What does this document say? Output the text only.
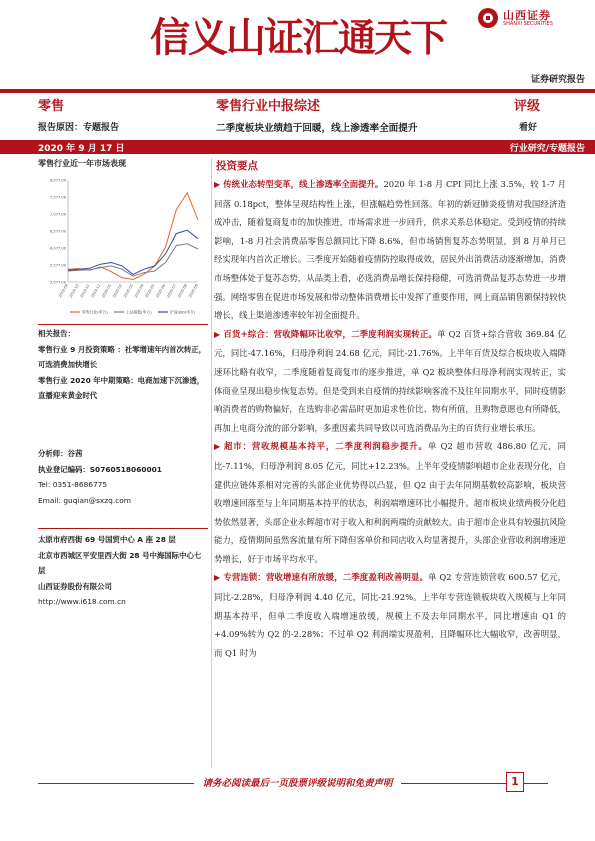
信义山证汇通天下	山西证券
SHANXI SECURITIES
证券研究报告
零售
报告原因：专题报告
零售行业中报综述
二季度板块业绩趋于回暖，线上渗透率全面提升
评级
看好
2020 年 9 月 17 日	行业研究/专题报告
零售行业近一年市场表现
5,077.00
5,577.00
6,077.00
6,577.00
7,077.00
7,577.00
8,077.00
2019-09 2019-10 2019-11 2019-12 2020-01 2020-02 2020-03 2020-04 2020-05 2020-06 2020-07 2020-08 2020-09
零售行业(申万)	上证指数(申万)	沪深300(申万)

相关报告：

零售行业 9 月投资策略 ：社零增速年内首次转正，可选消费加快增长

零售行业 2020 年中期策略：电商加速下沉渗透，直播迎来黄金时代

分析师：谷茜

执业登记编码：S0760518060001

Tel: 0351-8686775

Email: guqian@sxzq.com

太原市府西街 69 号国贸中心 A 座 28 层

北京市西城区平安里西大街 28 号中海国际中心七层

山西证券股份有限公司

http://www.i618.com.cn

投资要点

▶ 传统业态转型变革，线上渗透率全面提升。2020 年 1-8 月 CPI 同比上涨 3.5%，较 1-7 月回落 0.18pct，整体呈现结构性上涨，但涨幅趋势性回落。年初的新冠肺炎疫情对我国经济造成冲击，随着复商复市的加快推进，市场需求进一步回升，供求关系总体稳定。受到疫情的持续影响，1-8 月社会消费品零售总额同比下降 8.6%，但市场销售复苏态势明显，到 8 月单月已经实现年内首次正增长。三季度开始随着疫情防控取得成效，居民外出消费活动逐渐增加，消费市场整体处于复苏态势，从品类上看，必选消费品增长保持稳健，可选消费品复苏态势进一步增强。网络零售在促进市场发展和带动整体消费增长中发挥了重要作用，网上商品销售额保持较快增长，线上渠道渗透率较年初全面提升。

▶ 百货+综合：营收降幅环比收窄，二季度利润实现转正。单 Q2 百货+综合营收 369.84 亿元，同比-47.16%，归母净利润 24.68 亿元，同比-21.76%。上半年百货及综合板块收入端降速环比略有收窄，二季度随着复商复市的逐步推进，单 Q2 板块整体归母净利润实现转正，实体商业呈现出稳步恢复态势。但是受到来自疫情的持续影响客流不及往年同期水平，同时疫情影响消费者的购物偏好，在选购非必需品时更加追求性价比、物有所值，且购物意愿也有所降低，再加上电商分流的部分影响，多重因素共同导致以可选消费品为主的百货行业增长承压。

▶ 超市：营收规模基本持平，二季度利润稳步提升。单 Q2 超市营收 486.80 亿元，同比-7.11%，归母净利润 8.05 亿元，同比+12.23%。上半年受疫情影响超市企业表现分化，自建供应链体系相对完善的头部企业优势得以凸显，但 Q2 由于去年同期基数较高影响，板块营收增速回落至与上年同期基本持平的状态，利润端增速环比小幅提升。超市板块业绩两极分化趋势依然显著，头部企业永辉超市对于收入和利润两端的贡献较大。由于超市企业具有较强抗风险能力，疫情期间虽然客流量有所下降但客单价和同店收入均显著提升，头部企业营收利润增速逆势增长，好于市场平均水平。

▶ 专营连锁：营收增速有所放缓，二季度盈利改善明显。单 Q2 专营连锁营收 600.57 亿元，同比-2.28%，归母净利润 4.40 亿元，同比-21.92%。上半年专营连锁板块收入规模与上年同期基本持平，但单二季度收入端增速放缓，规模上不及去年同期水平，同比增速由 Q1 的+4.09%转为 Q2 的-2.28%；不过单 Q2 利润端实现盈利，且降幅环比大幅收窄，改善明显，而 Q1 时为

请务必阅读最后一页股票评级说明和免责声明	1
